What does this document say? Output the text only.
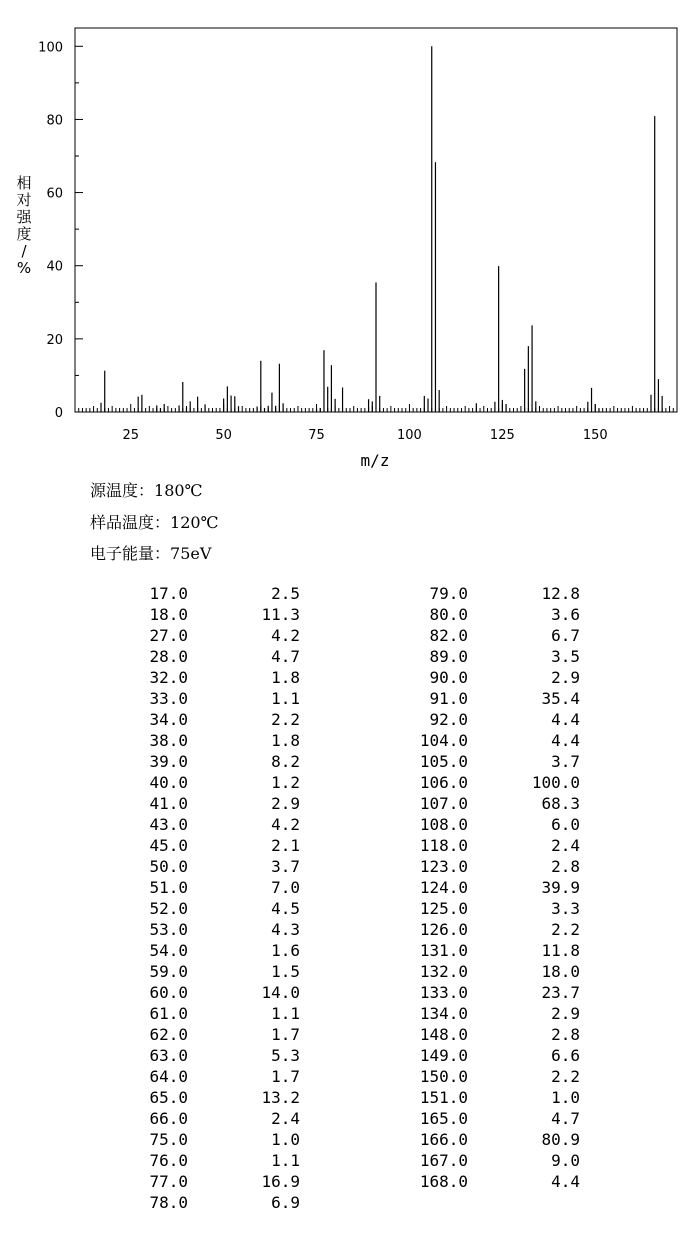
25	50	75	100	125	150
0
20
40
60
80
100
m/z
相对强度/ %
源温度：180℃
样品温度：120℃
电子能量：75eV
17.0	2.5
18.0	11.3
27.0	4.2
28.0	4.7
32.0	1.8
33.0	1.1
34.0	2.2
38.0	1.8
39.0	8.2
40.0	1.2
41.0	2.9
43.0	4.2
45.0	2.1
50.0	3.7
51.0	7.0
52.0	4.5
53.0	4.3
54.0	1.6
59.0	1.5
60.0	14.0
61.0	1.1
62.0	1.7
63.0	5.3
64.0	1.7
65.0	13.2
66.0	2.4
75.0	1.0
76.0	1.1
77.0	16.9
78.0	6.9
79.0	12.8
80.0	3.6
82.0	6.7
89.0	3.5
90.0	2.9
91.0	35.4
92.0	4.4
104.0	4.4
105.0	3.7
106.0	100.0
107.0	68.3
108.0	6.0
118.0	2.4
123.0	2.8
124.0	39.9
125.0	3.3
126.0	2.2
131.0	11.8
132.0	18.0
133.0	23.7
134.0	2.9
148.0	2.8
149.0	6.6
150.0	2.2
151.0	1.0
165.0	4.7
166.0	80.9
167.0	9.0
168.0	4.4
